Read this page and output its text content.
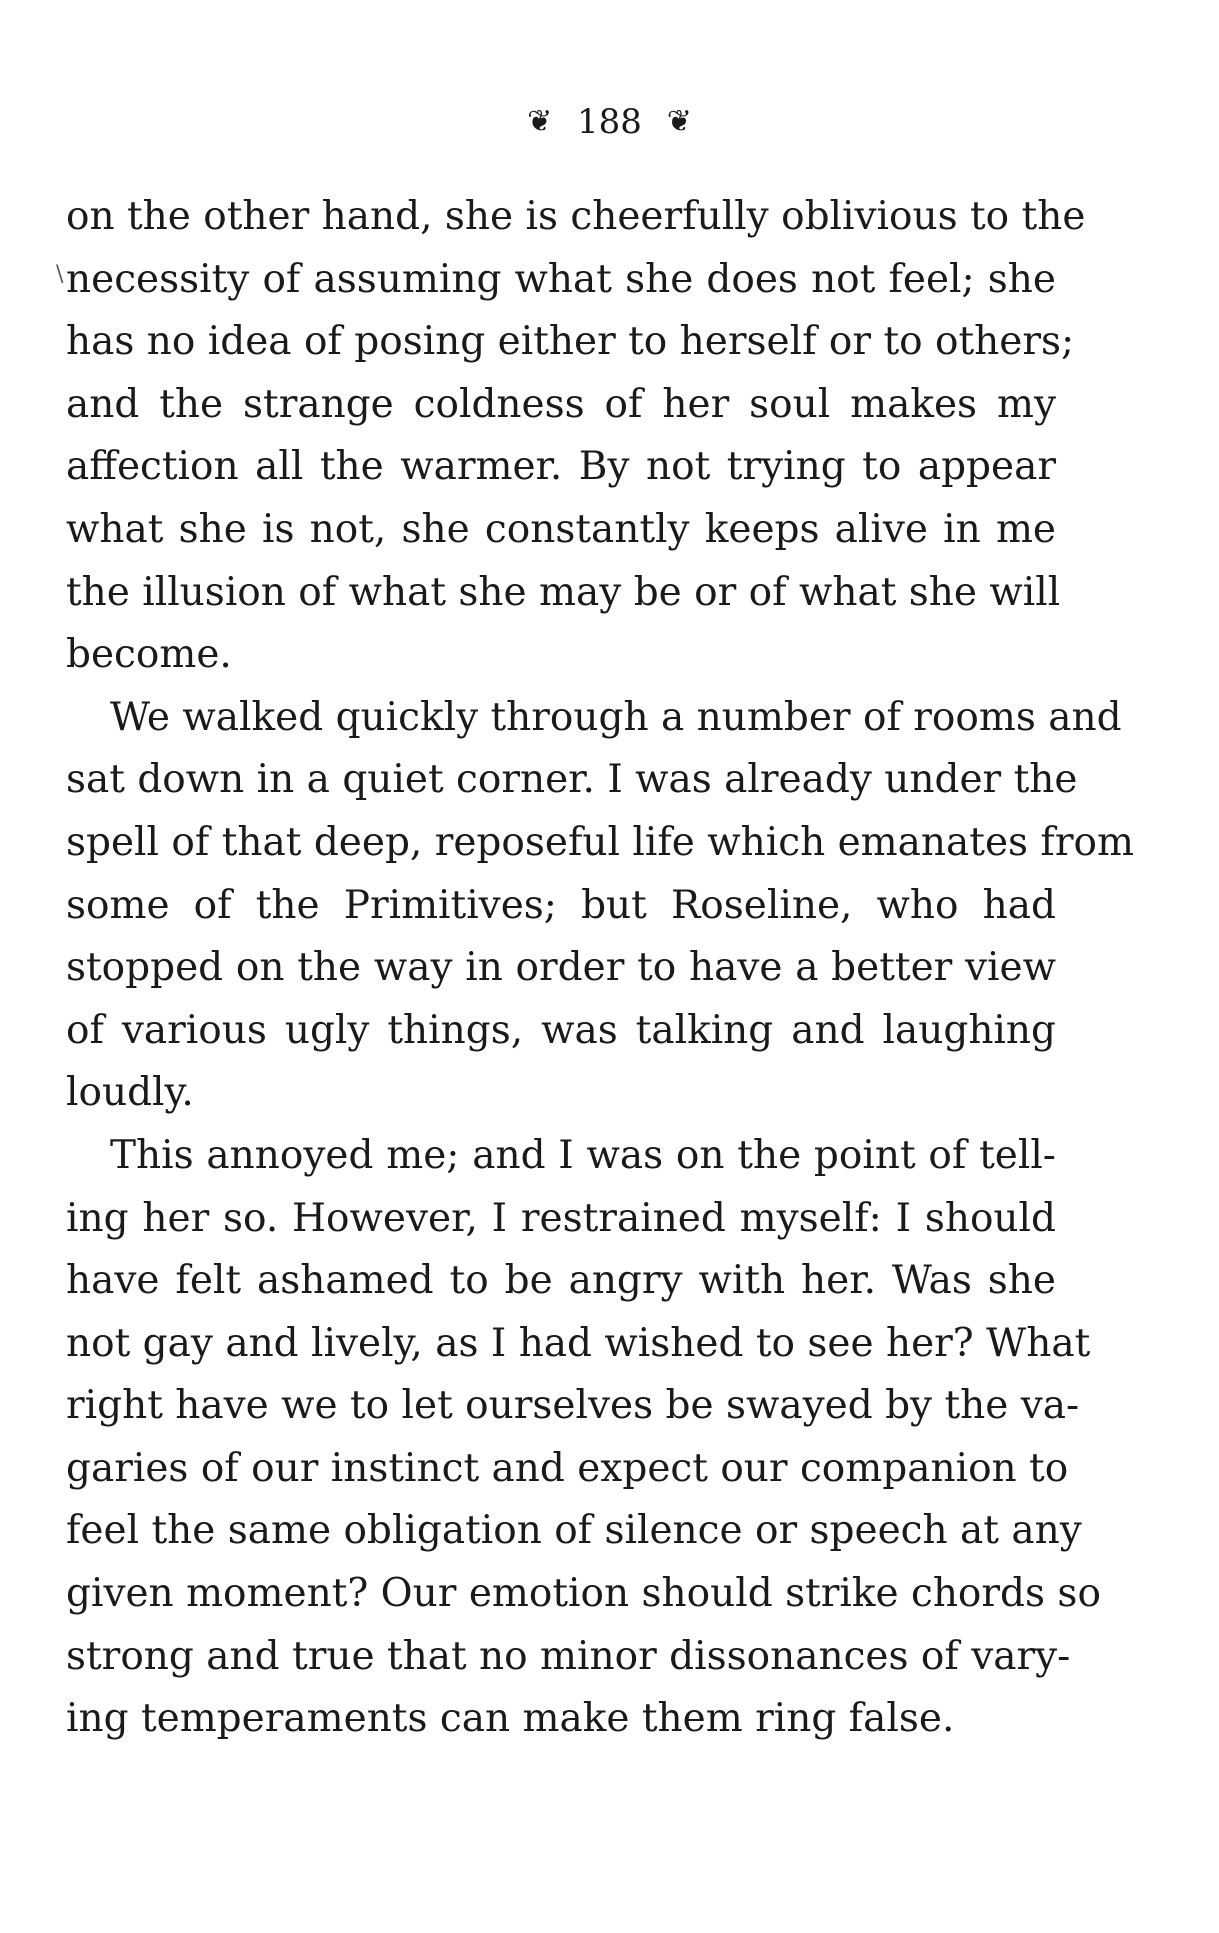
❦ 188 ❦
\
on the other hand, she is cheerfully oblivious to the
necessity of assuming what she does not feel; she
has no idea of posing either to herself or to others;
and the strange coldness of her soul makes my
affection all the warmer. By not trying to appear
what she is not, she constantly keeps alive in me
the illusion of what she may be or of what she will
become.
We walked quickly through a number of rooms and
sat down in a quiet corner. I was already under the
spell of that deep, reposeful life which emanates from
some of the Primitives; but Roseline, who had
stopped on the way in order to have a better view
of various ugly things, was talking and laughing
loudly.
This annoyed me; and I was on the point of tell-
ing her so. However, I restrained myself: I should
have felt ashamed to be angry with her. Was she
not gay and lively, as I had wished to see her? What
right have we to let ourselves be swayed by the va-
garies of our instinct and expect our companion to
feel the same obligation of silence or speech at any
given moment? Our emotion should strike chords so
strong and true that no minor dissonances of vary-
ing temperaments can make them ring false.
